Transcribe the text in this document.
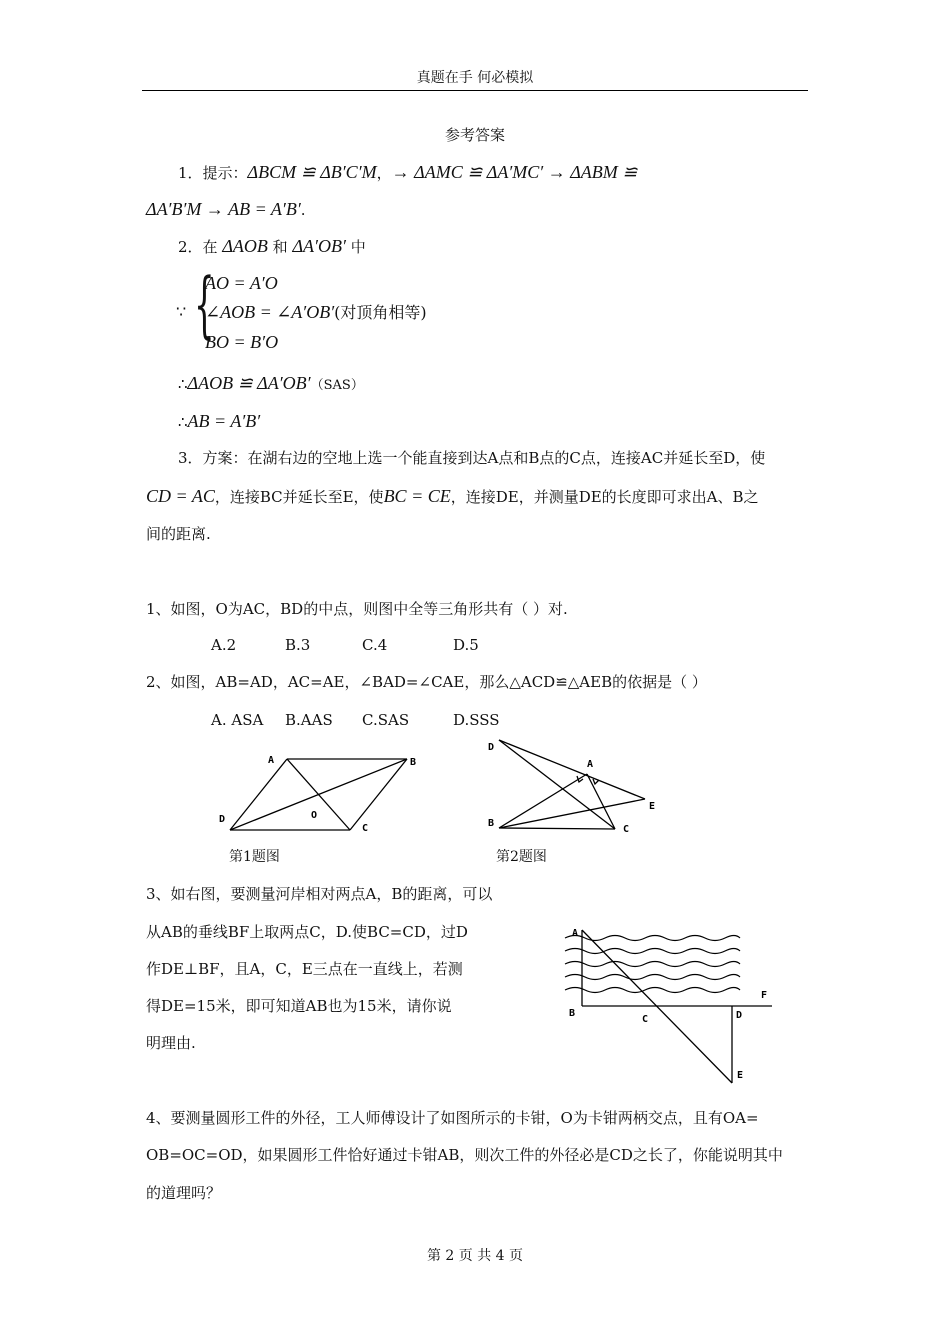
真题在手 何必模拟
参考答案
1．提示：ΔBCM ≌ ΔB′C′M，→ ΔAMC ≌ ΔA′MC′ → ΔABM ≌
ΔA′B′M → AB = A′B′.
2．在 ΔAOB 和 ΔA′OB′ 中
∵ {
AO = A′O
∠AOB = ∠A′OB′(对顶角相等)
BO = B′O
∴ΔAOB ≌ ΔA′OB′（SAS）
∴AB = A′B′
3．方案：在湖右边的空地上选一个能直接到达A点和B点的C点，连接AC并延长至D，使
CD = AC，连接BC并延长至E，使BC = CE，连接DE，并测量DE的长度即可求出A、B之
间的距离.
1、如图，O为AC，BD的中点，则图中全等三角形共有（ ）对.
A.2	B.3	C.4	D.5
2、如图，AB=AD，AC=AE，∠BAD=∠CAE，那么△ACD≌△AEB的依据是（ ）
A. ASA B.AAS C.SAS	D.SSS
A	B
C
D	O
第1题图
D
A
E
B
C
第2题图
3、如右图，要测量河岸相对两点A，B的距离，可以
从AB的垂线BF上取两点C，D.使BC=CD，过D
作DE⊥BF，且A，C，E三点在一直线上，若测
得DE=15米，即可知道AB也为15米，请你说
明理由.
A
B
C	D
E
F
4、要测量圆形工件的外径，工人师傅设计了如图所示的卡钳，O为卡钳两柄交点，且有OA=
OB=OC=OD，如果圆形工件恰好通过卡钳AB，则次工件的外径必是CD之长了，你能说明其中
的道理吗？
第 2 页 共 4 页
